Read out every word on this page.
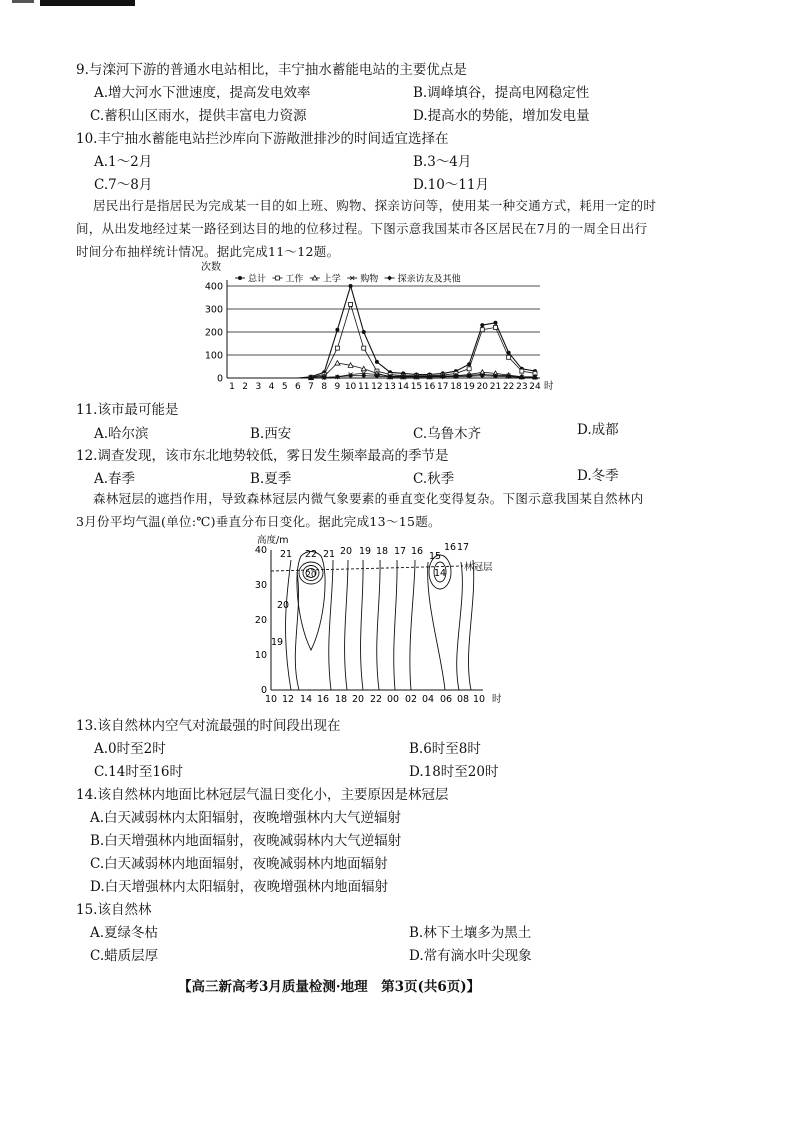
9.与滦河下游的普通水电站相比，丰宁抽水蓄能电站的主要优点是
A.增大河水下泄速度，提高发电效率	B.调峰填谷，提高电网稳定性
C.蓄积山区雨水，提供丰富电力资源	D.提高水的势能，增加发电量
10.丰宁抽水蓄能电站拦沙库向下游敞泄排沙的时间适宜选择在
A.1～2月	B.3～4月
C.7～8月	D.10～11月
居民出行是指居民为完成某一目的如上班、购物、探亲访问等，使用某一种交通方式，耗用一定的时
间，从出发地经过某一路径到达目的地的位移过程。下图示意我国某市各区居民在7月的一周全日出行
时间分布抽样统计情况。据此完成11～12题。
次数
0
100
200
300
400
1 2 3 4 5 6 7 8 9 10 11 12 13 14 15 16 17 18 19 20 21 22 23 24 时
总计 工作 上学 购物 探亲访友及其他
11.该市最可能是
A.哈尔滨	B.西安	C.乌鲁木齐	D.成都
12.调查发现，该市东北地势较低，雾日发生频率最高的季节是
A.春季	B.夏季	C.秋季	D.冬季
森林冠层的遮挡作用，导致森林冠层内微气象要素的垂直变化变得复杂。下图示意我国某自然林内
3月份平均气温(单位:℃)垂直分布日变化。据此完成13～15题。
高度/m
0
10
20
30
40
10 12 14 16 18 20 22 00 02 04 06 08 10 时
林冠层
21 22 21 20 19 18 17 16 15
16 17
20
19
20	14
13.该自然林内空气对流最强的时间段出现在
A.0时至2时	B.6时至8时
C.14时至16时	D.18时至20时
14.该自然林内地面比林冠层气温日变化小，主要原因是林冠层
A.白天减弱林内太阳辐射，夜晚增强林内大气逆辐射
B.白天增强林内地面辐射，夜晚减弱林内大气逆辐射
C.白天减弱林内地面辐射，夜晚减弱林内地面辐射
D.白天增强林内太阳辐射，夜晚增强林内地面辐射
15.该自然林
A.夏绿冬枯	B.林下土壤多为黑土
C.蜡质层厚	D.常有滴水叶尖现象
【高三新高考3月质量检测·地理　第3页(共6页)】
